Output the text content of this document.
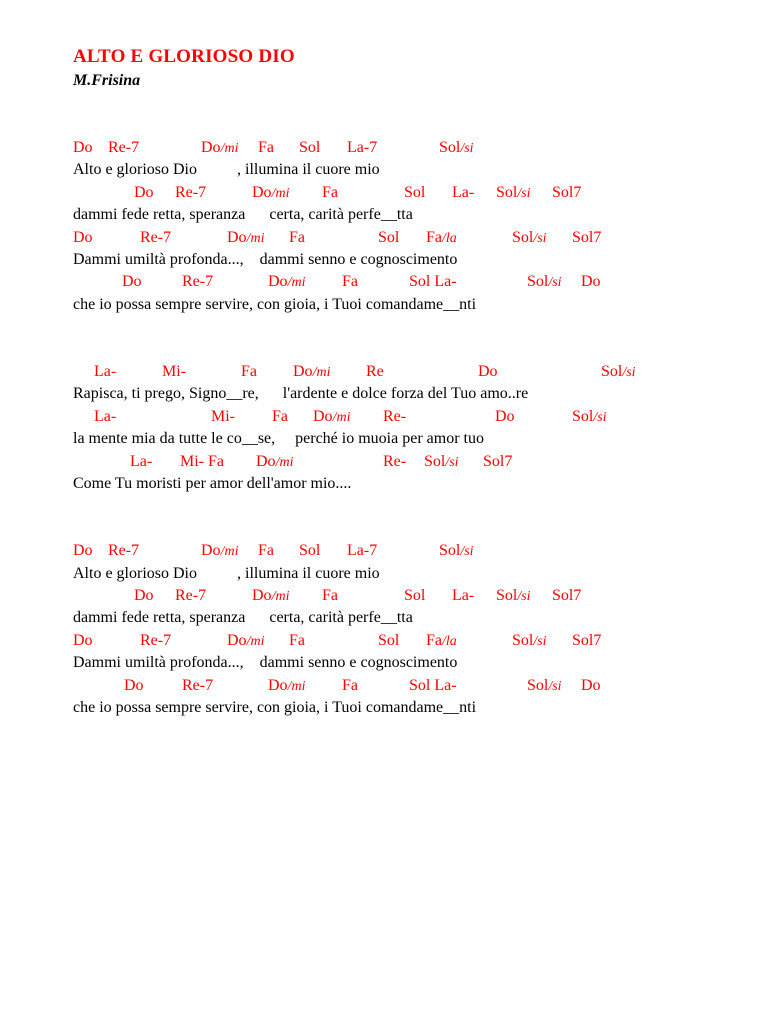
ALTO E GLORIOSO DIO
M.Frisina
Do Re-7	Do/mi Fa Sol La-7	Sol/si
Alto e glorioso Dio          , illumina il cuore mio
Do Re-7	Do/mi Fa	Sol La- Sol/si Sol7
dammi fede retta, speranza      certa, carità perfe__tta
Do	Re-7	Do/mi Fa	Sol Fa/la	Sol/si Sol7
Dammi umiltà profonda...,    dammi senno e cognoscimento
Do	Re-7	Do/mi Fa	Sol La-	Sol/si Do
che io possa sempre servire, con gioia, i Tuoi comandame__nti
La-	Mi-	Fa Do/mi Re	Do	Sol/si
Rapisca, ti prego, Signo__re,      l'ardente e dolce forza del Tuo amo..re
La-	Mi- Fa Do/mi Re-	Do	Sol/si
la mente mia da tutte le co__se,     perché io muoia per amor tuo
La- Mi- Fa Do/mi	Re- Sol/si Sol7
Come Tu moristi per amor dell'amor mio....
Do Re-7	Do/mi Fa Sol La-7	Sol/si
Alto e glorioso Dio          , illumina il cuore mio
Do Re-7	Do/mi Fa	Sol La- Sol/si Sol7
dammi fede retta, speranza      certa, carità perfe__tta
Do	Re-7	Do/mi Fa	Sol Fa/la	Sol/si Sol7
Dammi umiltà profonda...,    dammi senno e cognoscimento
Do Re-7	Do/mi Fa	Sol La-	Sol/si Do
che io possa sempre servire, con gioia, i Tuoi comandame__nti
